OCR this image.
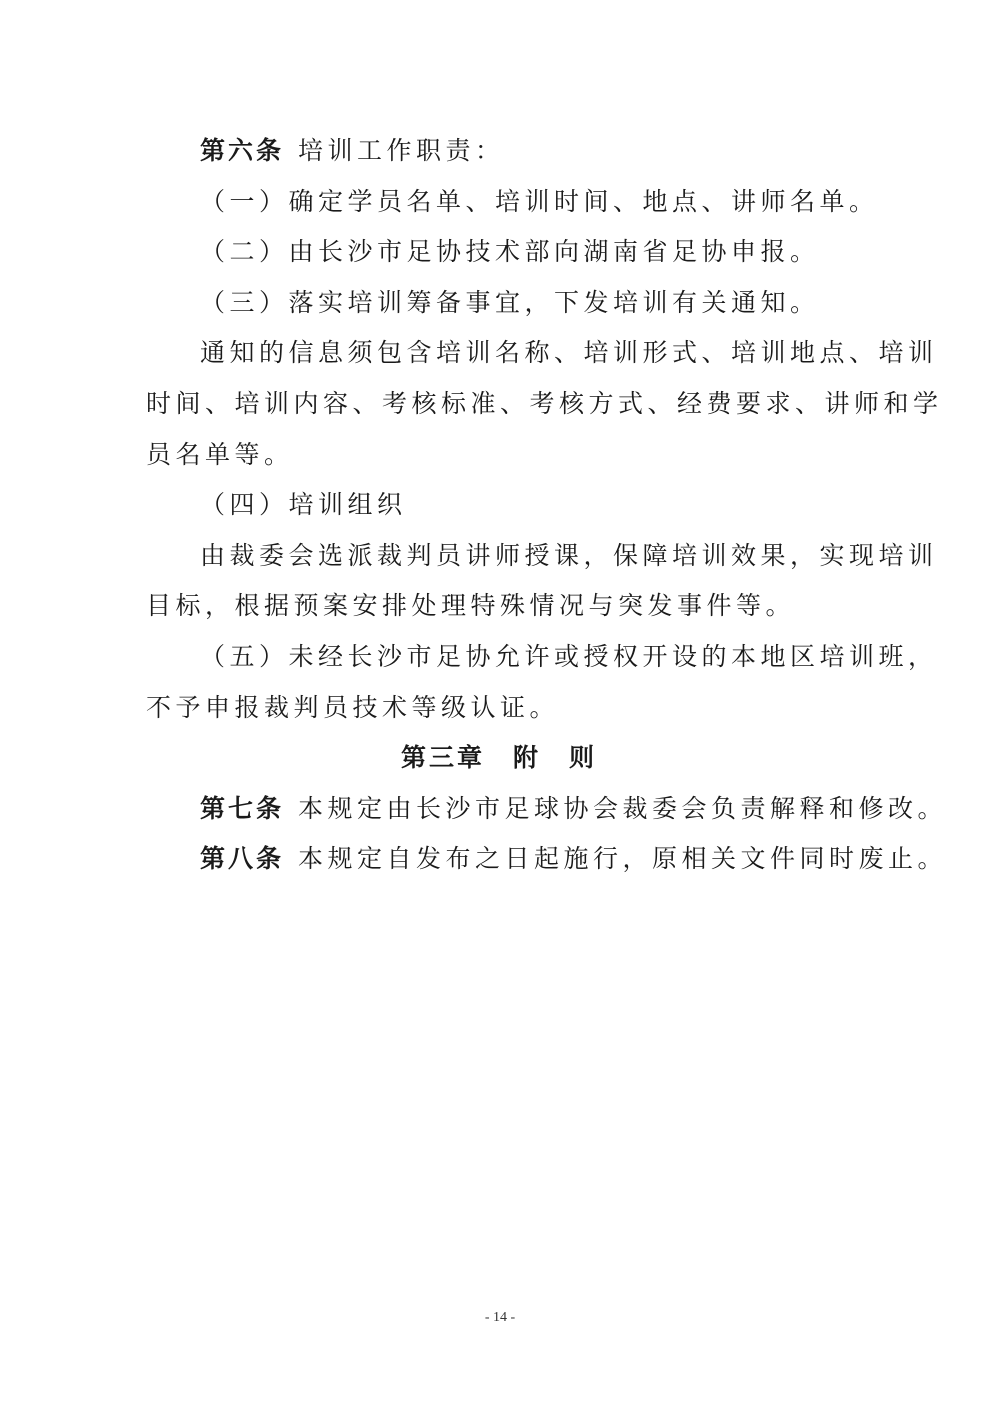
第六条 培训工作职责：
（一）确定学员名单、培训时间、地点、讲师名单。
（二）由长沙市足协技术部向湖南省足协申报。
（三）落实培训筹备事宜，下发培训有关通知。
通知的信息须包含培训名称、培训形式、培训地点、培训
时间、培训内容、考核标准、考核方式、经费要求、讲师和学
员名单等。
（四）培训组织
由裁委会选派裁判员讲师授课，保障培训效果，实现培训
目标，根据预案安排处理特殊情况与突发事件等。
（五）未经长沙市足协允许或授权开设的本地区培训班，
不予申报裁判员技术等级认证。
第三章　附　则
第七条 本规定由长沙市足球协会裁委会负责解释和修改。
第八条 本规定自发布之日起施行，原相关文件同时废止。
- 14 -
